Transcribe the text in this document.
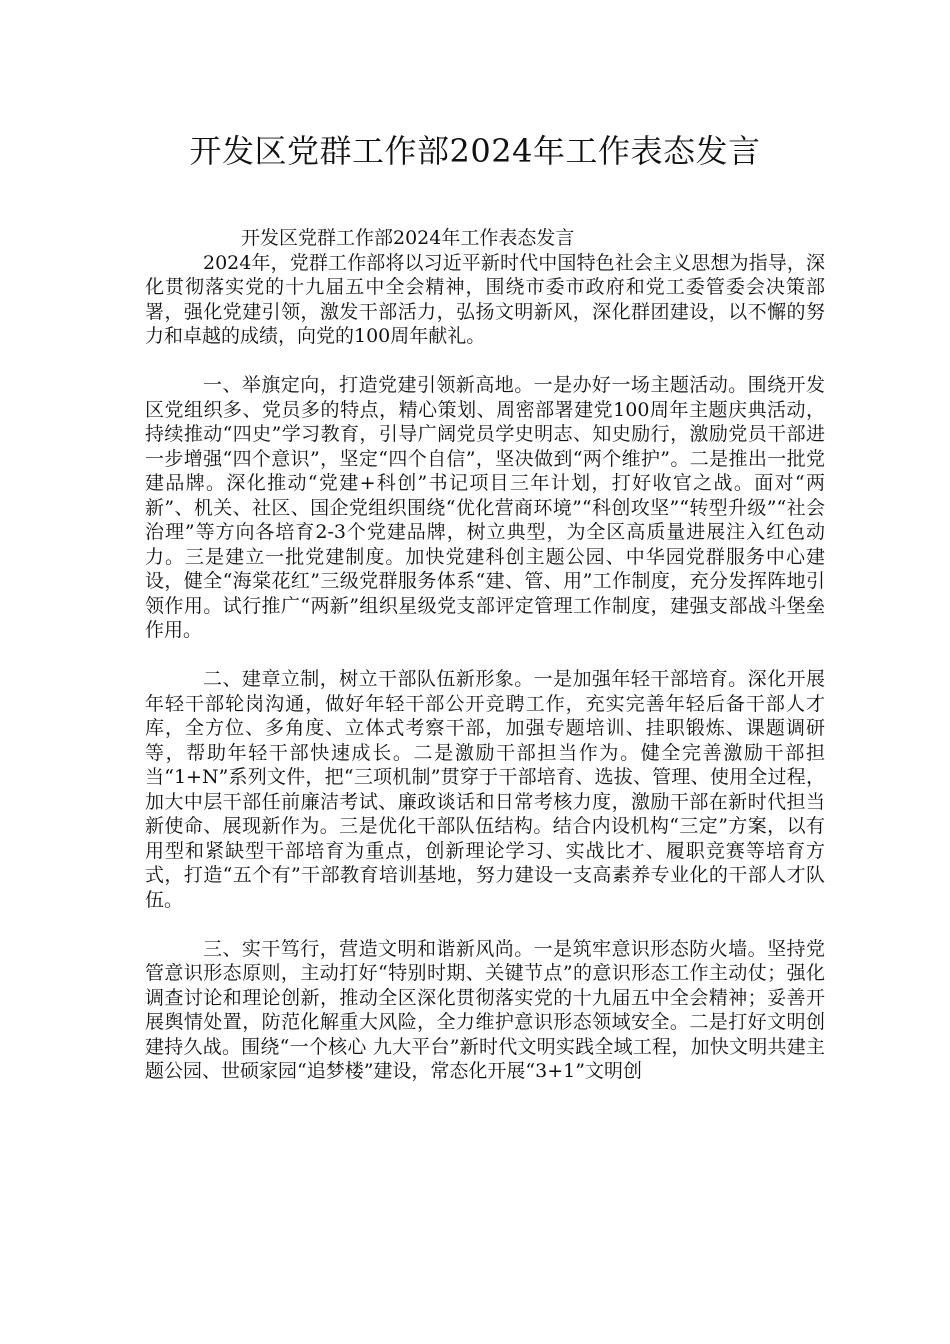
开发区党群工作部2024年工作表态发言

开发区党群工作部2024年工作表态发言

2024年，党群工作部将以习近平新时代中国特色社会主义思想为指导，深化贯彻落实党的十九届五中全会精神，围绕市委市政府和党工委管委会决策部署，强化党建引领，激发干部活力，弘扬文明新风，深化群团建设，以不懈的努力和卓越的成绩，向党的100周年献礼。

一、举旗定向，打造党建引领新高地。一是办好一场主题活动。围绕开发区党组织多、党员多的特点，精心策划、周密部署建党100周年主题庆典活动，持续推动“四史”学习教育，引导广阔党员学史明志、知史励行，激励党员干部进一步增强“四个意识”，坚定“四个自信”，坚决做到“两个维护”。二是推出一批党建品牌。深化推动“党建+科创”书记项目三年计划，打好收官之战。面对“两新”、机关、社区、国企党组织围绕“优化营商环境”“科创攻坚”“转型升级”“社会治理”等方向各培育2-3个党建品牌，树立典型，为全区高质量进展注入红色动力。三是建立一批党建制度。加快党建科创主题公园、中华园党群服务中心建设，健全“海棠花红”三级党群服务体系“建、管、用”工作制度，充分发挥阵地引领作用。试行推广“两新”组织星级党支部评定管理工作制度，建强支部战斗堡垒作用。

二、建章立制，树立干部队伍新形象。一是加强年轻干部培育。深化开展年轻干部轮岗沟通，做好年轻干部公开竞聘工作，充实完善年轻后备干部人才库，全方位、多角度、立体式考察干部，加强专题培训、挂职锻炼、课题调研等，帮助年轻干部快速成长。二是激励干部担当作为。健全完善激励干部担当“1+N”系列文件，把“三项机制”贯穿于干部培育、选拔、管理、使用全过程，加大中层干部任前廉洁考试、廉政谈话和日常考核力度，激励干部在新时代担当新使命、展现新作为。三是优化干部队伍结构。结合内设机构“三定”方案，以有用型和紧缺型干部培育为重点，创新理论学习、实战比才、履职竞赛等培育方式，打造“五个有”干部教育培训基地，努力建设一支高素养专业化的干部人才队伍。

三、实干笃行，营造文明和谐新风尚。一是筑牢意识形态防火墙。坚持党管意识形态原则，主动打好“特别时期、关键节点”的意识形态工作主动仗；强化调查讨论和理论创新，推动全区深化贯彻落实党的十九届五中全会精神；妥善开展舆情处置，防范化解重大风险，全力维护意识形态领域安全。二是打好文明创建持久战。围绕“一个核心 九大平台”新时代文明实践全域工程，加快文明共建主题公园、世硕家园“追梦楼”建设，常态化开展“3+1”文明创
